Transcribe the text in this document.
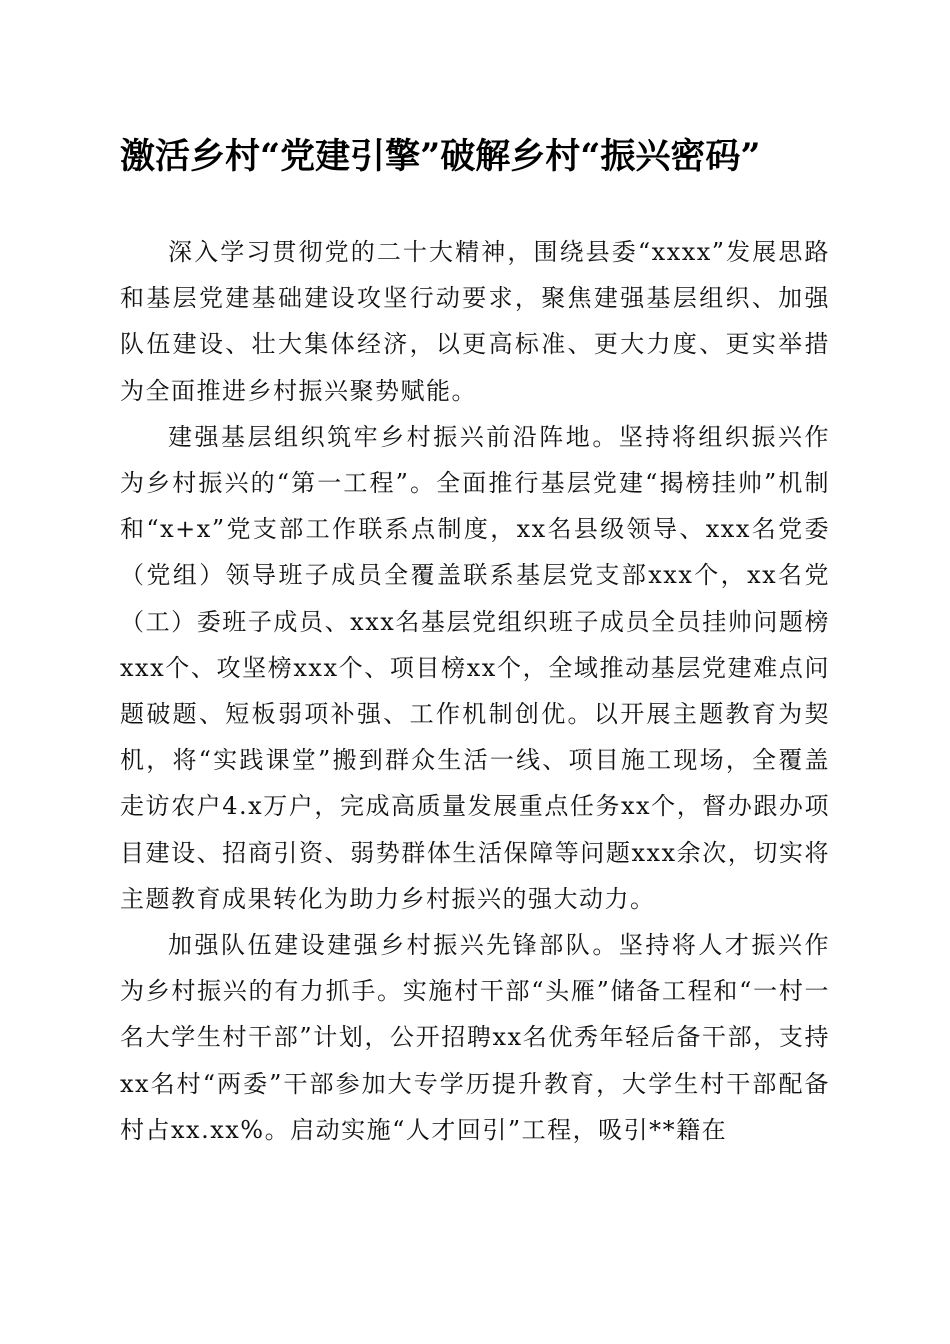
激活乡村“党建引擎”破解乡村“振兴密码”

深入学习贯彻党的二十大精神，围绕县委“xxxx”发展思路和基层党建基础建设攻坚行动要求，聚焦建强基层组织、加强队伍建设、壮大集体经济，以更高标准、更大力度、更实举措为全面推进乡村振兴聚势赋能。

建强基层组织筑牢乡村振兴前沿阵地。坚持将组织振兴作为乡村振兴的“第一工程”。全面推行基层党建“揭榜挂帅”机制和“x+x”党支部工作联系点制度，xx名县级领导、xxx名党委（党组）领导班子成员全覆盖联系基层党支部xxx个，xx名党（工）委班子成员、xxx名基层党组织班子成员全员挂帅问题榜xxx个、攻坚榜xxx个、项目榜xx个，全域推动基层党建难点问题破题、短板弱项补强、工作机制创优。以开展主题教育为契机，将“实践课堂”搬到群众生活一线、项目施工现场，全覆盖走访农户4.x万户，完成高质量发展重点任务xx个，督办跟办项目建设、招商引资、弱势群体生活保障等问题xxx余次，切实将主题教育成果转化为助力乡村振兴的强大动力。

加强队伍建设建强乡村振兴先锋部队。坚持将人才振兴作为乡村振兴的有力抓手。实施村干部“头雁”储备工程和“一村一名大学生村干部”计划，公开招聘xx名优秀年轻后备干部，支持xx名村“两委”干部参加大专学历提升教育，大学生村干部配备村占xx.xx%。启动实施“人才回引”工程，吸引**籍在
